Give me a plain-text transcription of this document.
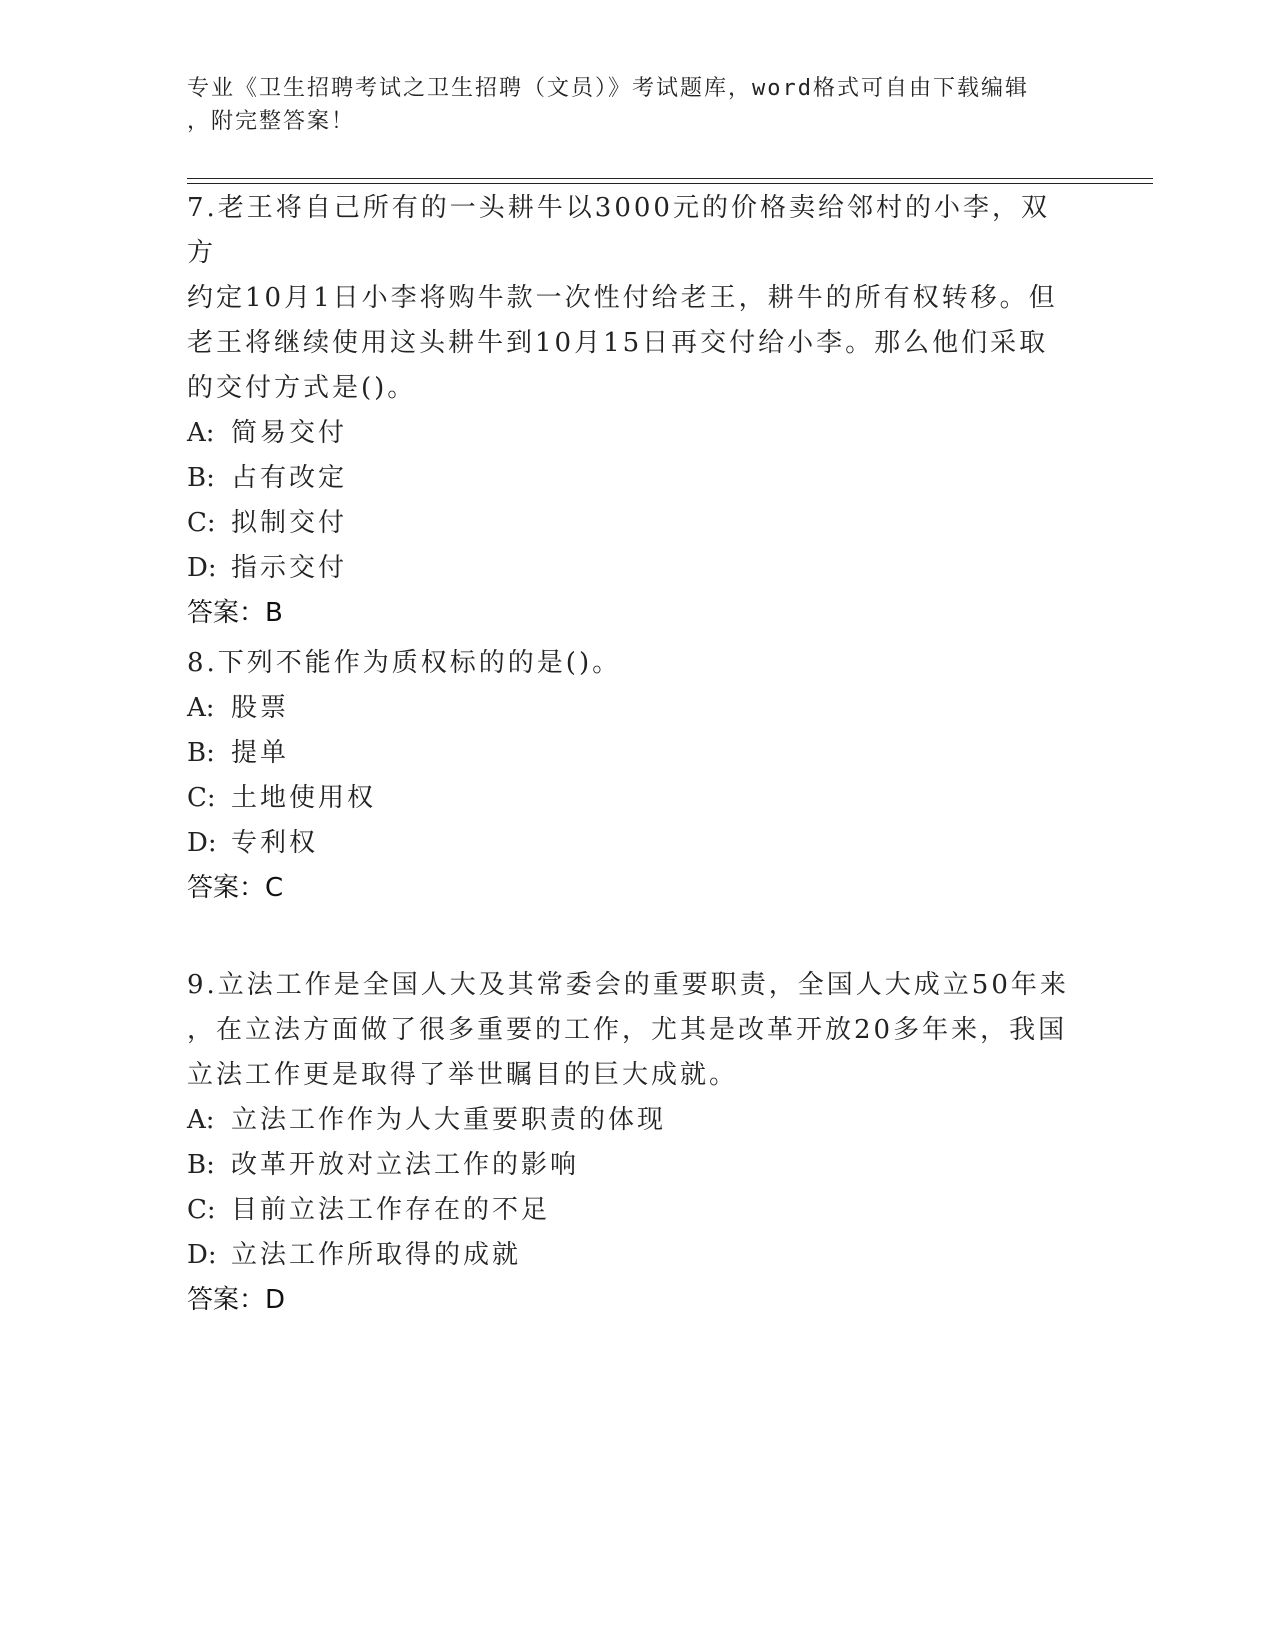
专业《卫生招聘考试之卫生招聘（文员）》考试题库，word格式可自由下载编辑
，附完整答案！

7.老王将自己所有的一头耕牛以3000元的价格卖给邻村的小李，双方

约定10月1日小李将购牛款一次性付给老王，耕牛的所有权转移。但

老王将继续使用这头耕牛到10月15日再交付给小李。那么他们采取

的交付方式是()。

A: 简易交付

B: 占有改定

C: 拟制交付

D: 指示交付

答案：B

8.下列不能作为质权标的的是()。

A: 股票

B: 提单

C: 土地使用权

D: 专利权

答案：C

9.立法工作是全国人大及其常委会的重要职责，全国人大成立50年来

，在立法方面做了很多重要的工作，尤其是改革开放20多年来，我国

立法工作更是取得了举世瞩目的巨大成就。

A: 立法工作作为人大重要职责的体现

B: 改革开放对立法工作的影响

C: 目前立法工作存在的不足

D: 立法工作所取得的成就

答案：D
